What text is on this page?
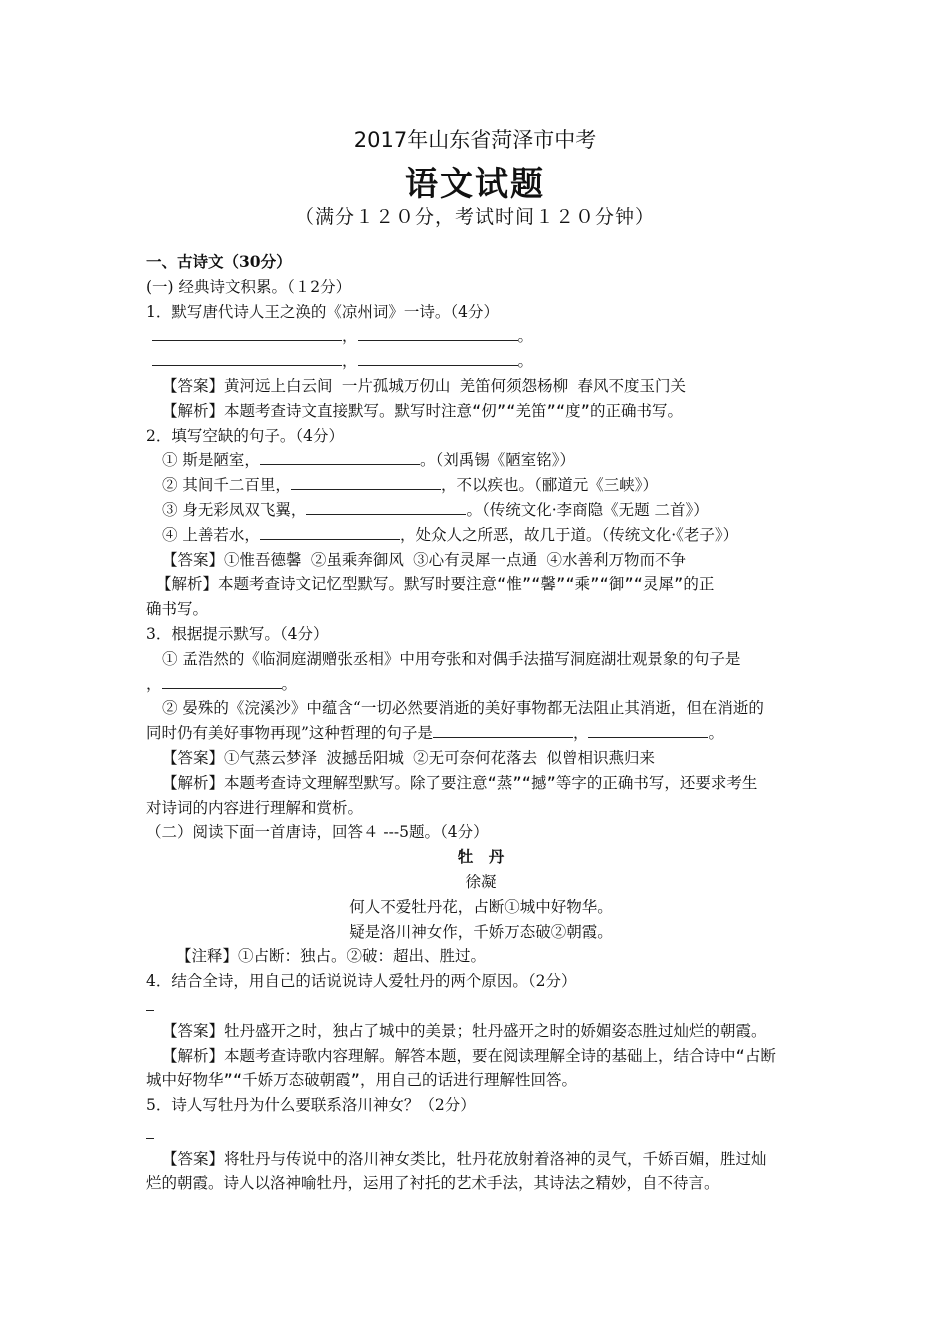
2017年山东省菏泽市中考
语文试题
（满分１２０分，考试时间１２０分钟）
一、古诗文（30分）
(一) 经典诗文积累。（１2分）
1．默写唐代诗人王之涣的《凉州词》一诗。（4分）
，	。
，	。
【答案】黄河远上白云间 一片孤城万仞山 羌笛何须怨杨柳 春风不度玉门关
【解析】本题考查诗文直接默写。默写时注意“仞”“羌笛”“度”的正确书写。
2．填写空缺的句子。（4分）
① 斯是陋室，	。（刘禹锡《陋室铭》）
② 其间千二百里，	，不以疾也。（郦道元《三峡》）
③ 身无彩凤双飞翼，	。（传统文化·李商隐《无题 二首》）
④ 上善若水，	，处众人之所恶，故几于道。（传统文化·《老子》）
【答案】①惟吾德馨 ②虽乘奔御风 ③心有灵犀一点通 ④水善利万物而不争
【解析】本题考查诗文记忆型默写。默写时要注意“惟”“馨”“乘”“御”“灵犀”的正
确书写。
3．根据提示默写。（4分）
① 孟浩然的《临洞庭湖赠张丞相》中用夸张和对偶手法描写洞庭湖壮观景象的句子是
，	。
② 晏殊的《浣溪沙》中蕴含“一切必然要消逝的美好事物都无法阻止其消逝，但在消逝的
同时仍有美好事物再现”这种哲理的句子是	，	。
【答案】①气蒸云梦泽 波撼岳阳城 ②无可奈何花落去 似曾相识燕归来
【解析】本题考查诗文理解型默写。除了要注意“蒸”“撼”等字的正确书写，还要求考生
对诗词的内容进行理解和赏析。
（二）阅读下面一首唐诗，回答４ ---5题。（4分）
牡　丹
徐凝
何人不爱牡丹花，占断①城中好物华。
疑是洛川神女作，千娇万态破②朝霞。
【注释】①占断：独占。②破：超出、胜过。
4．结合全诗，用自己的话说说诗人爱牡丹的两个原因。（2分）
【答案】牡丹盛开之时，独占了城中的美景；牡丹盛开之时的娇媚姿态胜过灿烂的朝霞。
【解析】本题考查诗歌内容理解。解答本题，要在阅读理解全诗的基础上，结合诗中“占断
城中好物华”“千娇万态破朝霞”，用自己的话进行理解性回答。
5．诗人写牡丹为什么要联系洛川神女？（2分）
【答案】将牡丹与传说中的洛川神女类比，牡丹花放射着洛神的灵气，千娇百媚，胜过灿
烂的朝霞。诗人以洛神喻牡丹，运用了衬托的艺术手法，其诗法之精妙，自不待言。
